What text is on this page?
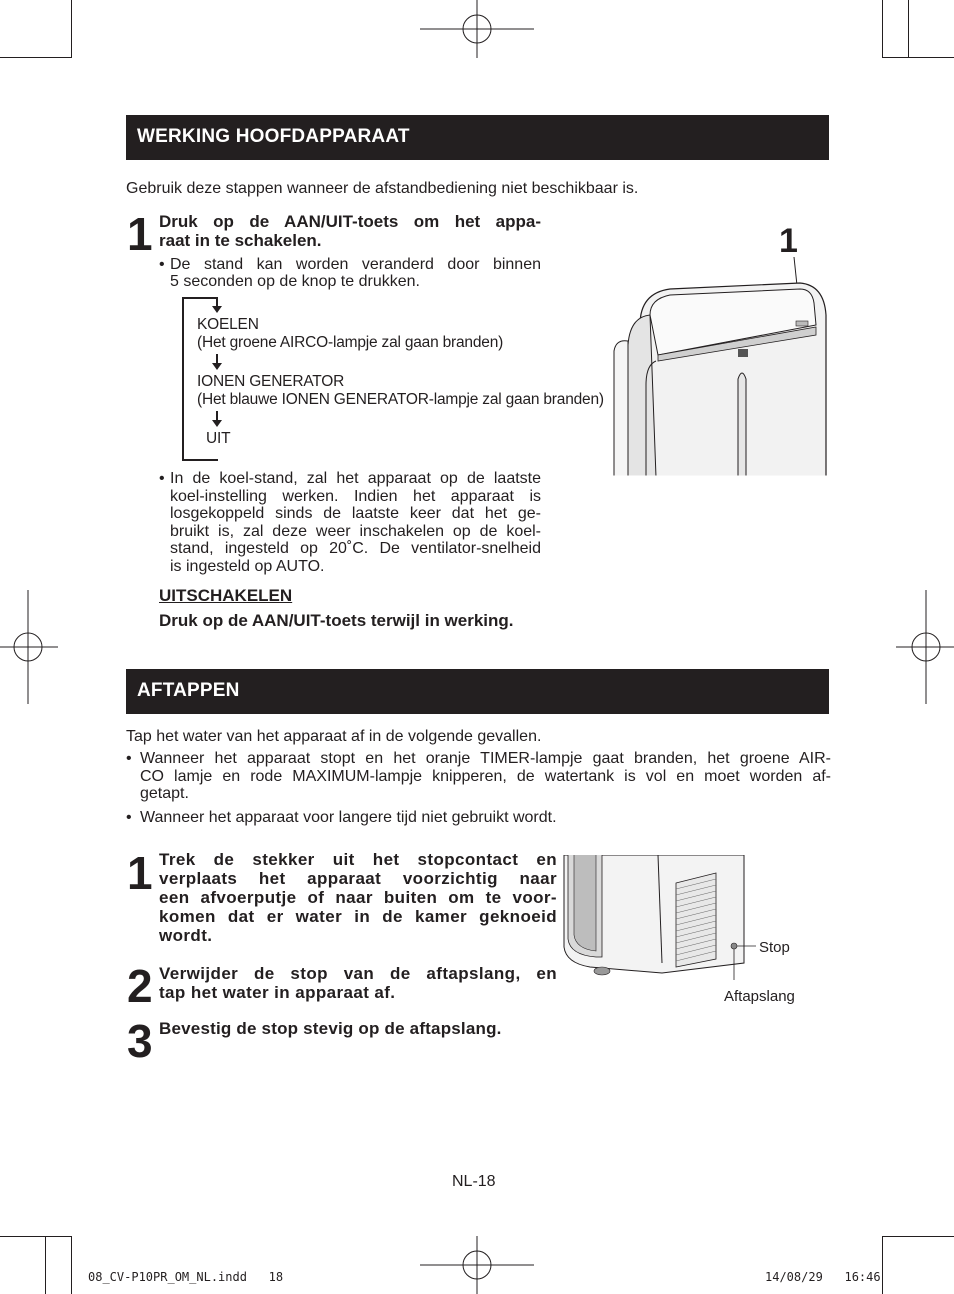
WERKING HOOFDAPPARAAT
Gebruik deze stappen wanneer de afstandbediening niet beschikbaar is.
1 Druk op de AAN/UIT-toets om het appa-
raat in te schakelen.
• De stand kan worden veranderd door binnen
5 seconden op de knop te drukken.
KOELEN
(Het groene AIRCO-lampje zal gaan branden)
IONEN GENERATOR
(Het blauwe IONEN GENERATOR-lampje zal gaan branden)
UIT
• In de koel-stand, zal het apparaat op de laatste
koel-instelling werken. Indien het apparaat is
losgekoppeld sinds de laatste keer dat het ge-
bruikt is, zal deze weer inschakelen op de koel-
stand, ingesteld op 20˚C. De ventilator-snelheid
is ingesteld op AUTO.
UITSCHAKELEN
Druk op de AAN/UIT-toets terwijl in werking.
1
AFTAPPEN
Tap het water van het apparaat af in de volgende gevallen.
• Wanneer het apparaat stopt en het oranje TIMER-lampje gaat branden, het groene AIR-
CO lamje en rode MAXIMUM-lampje knipperen, de watertank is vol en moet worden af-
getapt.
• Wanneer het apparaat voor langere tijd niet gebruikt wordt.
1 Trek de stekker uit het stopcontact en
verplaats het apparaat voorzichtig naar
een afvoerputje of naar buiten om te voor-
komen dat er water in de kamer geknoeid
wordt.
2 Verwijder de stop van de aftapslang, en
tap het water in apparaat af.
3 Bevestig de stop stevig op de aftapslang.
Stop
Aftapslang
NL-18
08_CV-P10PR_OM_NL.indd   18	14/08/29   16:46
